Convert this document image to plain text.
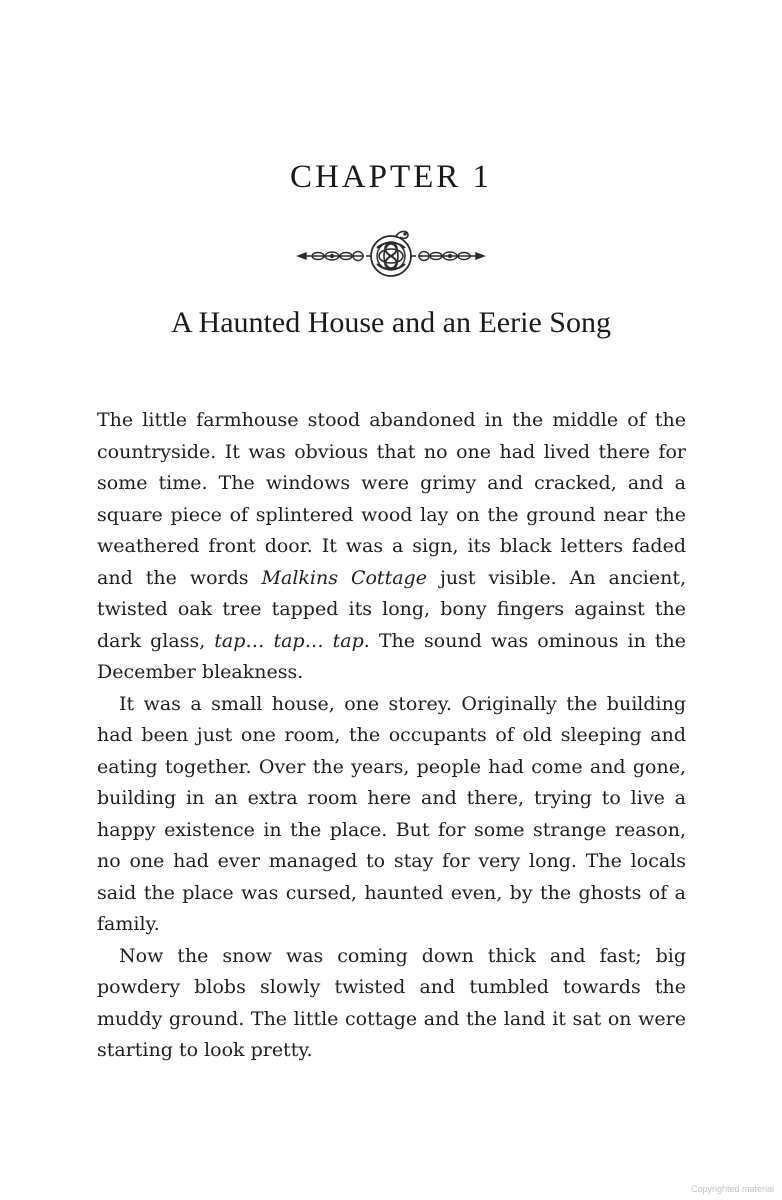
CHAPTER 1
A Haunted House and an Eerie Song

The little farmhouse stood abandoned in the middle of the countryside. It was obvious that no one had lived there for some time. The windows were grimy and cracked, and a square piece of splintered wood lay on the ground near the weathered front door. It was a sign, its black letters faded and the words Malkins Cottage just visible. An ancient, twisted oak tree tapped its long, bony fingers against the dark glass, tap… tap… tap. The sound was ominous in the December bleakness.

It was a small house, one storey. Originally the building had been just one room, the occupants of old sleeping and eating together. Over the years, people had come and gone, building in an extra room here and there, trying to live a happy existence in the place. But for some strange reason, no one had ever managed to stay for very long. The locals said the place was cursed, haunted even, by the ghosts of a family.

Now the snow was coming down thick and fast; big powdery blobs slowly twisted and tumbled towards the muddy ground. The little cottage and the land it sat on were starting to look pretty.

Copyrighted material
